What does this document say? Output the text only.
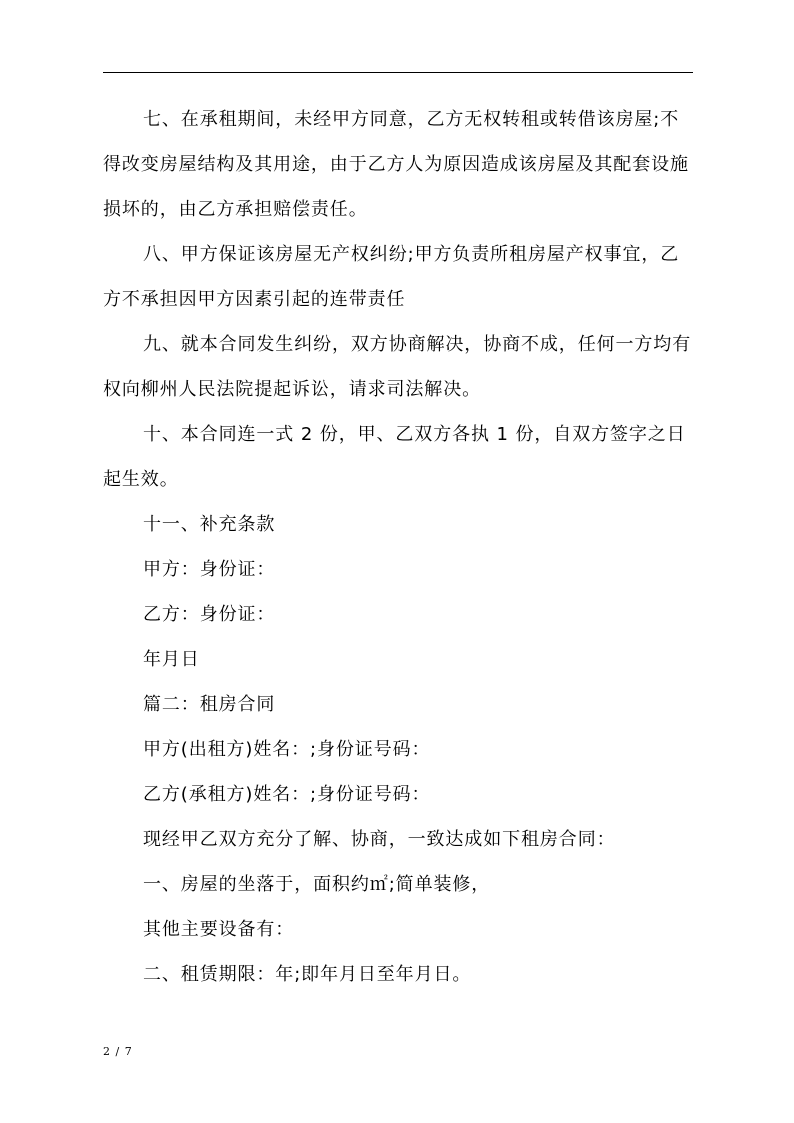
七、在承租期间，未经甲方同意，乙方无权转租或转借该房屋;不得改变房屋结构及其用途，由于乙方人为原因造成该房屋及其配套设施损坏的，由乙方承担赔偿责任。

八、甲方保证该房屋无产权纠纷;甲方负责所租房屋产权事宜，乙方不承担因甲方因素引起的连带责任

九、就本合同发生纠纷，双方协商解决，协商不成，任何一方均有权向柳州人民法院提起诉讼，请求司法解决。

十、本合同连一式 2 份，甲、乙双方各执 1 份，自双方签字之日起生效。

十一、补充条款

甲方：身份证：

乙方：身份证：

年月日

篇二：租房合同

甲方(出租方)姓名：;身份证号码：

乙方(承租方)姓名：;身份证号码：

现经甲乙双方充分了解、协商，一致达成如下租房合同：

一、房屋的坐落于，面积约㎡;简单装修，

其他主要设备有：

二、租赁期限：年;即年月日至年月日。

2 / 7
